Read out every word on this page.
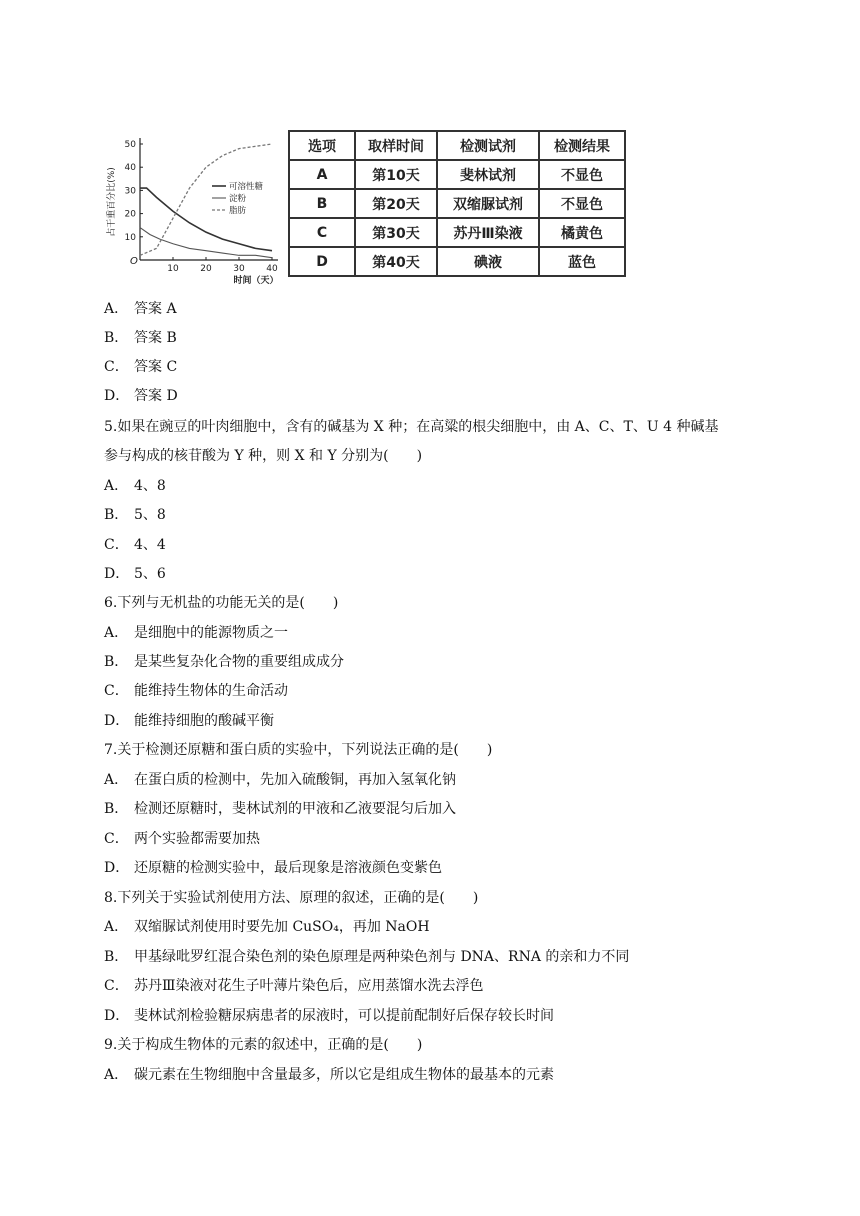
10
20
30
40
50
10 20 30 40
O
时间（天）
占干重百分比(%)	可溶性糖
淀粉
脂肪
选项	取样时间	检测试剂	检测结果
A	第10天	斐林试剂	不显色
B	第20天	双缩脲试剂	不显色
C	第30天	苏丹Ⅲ染液	橘黄色
D	第40天	碘液	蓝色
A． 答案 A
B． 答案 B
C． 答案 C
D． 答案 D
5.如果在豌豆的叶肉细胞中，含有的碱基为 X 种；在高粱的根尖细胞中，由 A、C、T、U 4 种碱基
参与构成的核苷酸为 Y 种，则 X 和 Y 分别为(　　)
A． 4、8
B． 5、8
C． 4、4
D． 5、6
6.下列与无机盐的功能无关的是(　　)
A． 是细胞中的能源物质之一
B． 是某些复杂化合物的重要组成成分
C． 能维持生物体的生命活动
D． 能维持细胞的酸碱平衡
7.关于检测还原糖和蛋白质的实验中，下列说法正确的是(　　)
A． 在蛋白质的检测中，先加入硫酸铜，再加入氢氧化钠
B． 检测还原糖时，斐林试剂的甲液和乙液要混匀后加入
C． 两个实验都需要加热
D． 还原糖的检测实验中，最后现象是溶液颜色变紫色
8.下列关于实验试剂使用方法、原理的叙述，正确的是(　　)
A． 双缩脲试剂使用时要先加 CuSO₄，再加 NaOH
B． 甲基绿吡罗红混合染色剂的染色原理是两种染色剂与 DNA、RNA 的亲和力不同
C． 苏丹Ⅲ染液对花生子叶薄片染色后，应用蒸馏水洗去浮色
D． 斐林试剂检验糖尿病患者的尿液时，可以提前配制好后保存较长时间
9.关于构成生物体的元素的叙述中，正确的是(　　)
A． 碳元素在生物细胞中含量最多，所以它是组成生物体的最基本的元素
